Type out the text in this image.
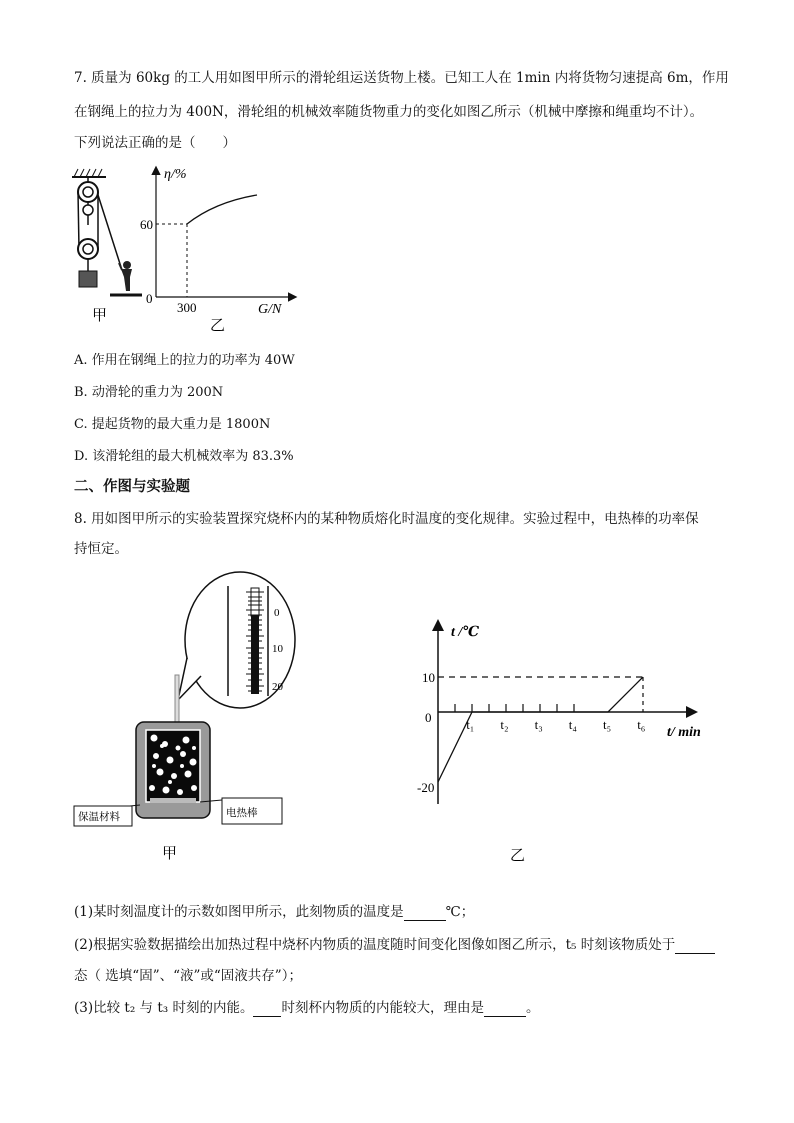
7. 质量为 60kg 的工人用如图甲所示的滑轮组运送货物上楼。已知工人在 1min 内将货物匀速提高 6m，作用
在钢绳上的拉力为 400N，滑轮组的机械效率随货物重力的变化如图乙所示（机械中摩擦和绳重均不计）。
下列说法正确的是（　　）
甲
η/%
60
0
300	G/N
乙
A. 作用在钢绳上的拉力的功率为 40W
B. 动滑轮的重力为 200N
C. 提起货物的最大重力是 1800N
D. 该滑轮组的最大机械效率为 83.3%
二、作图与实验题
8. 用如图甲所示的实验装置探究烧杯内的某种物质熔化时温度的变化规律。实验过程中，电热棒的功率保
持恒定。
0
10
20
保温材料	电热棒
甲
t /℃
t/ min
10
0
-20
t₁ t₂ t₃ t₄ t₅ t₆
乙
(1)某时刻温度计的示数如图甲所示，此刻物质的温度是	℃；
(2)根据实验数据描绘出加热过程中烧杯内物质的温度随时间变化图像如图乙所示，t₅ 时刻该物质处于
态（ 选填“固”、“液”或“固液共存”）；
(3)比较 t₂ 与 t₃ 时刻的内能。 时刻杯内物质的内能较大，理由是	。
